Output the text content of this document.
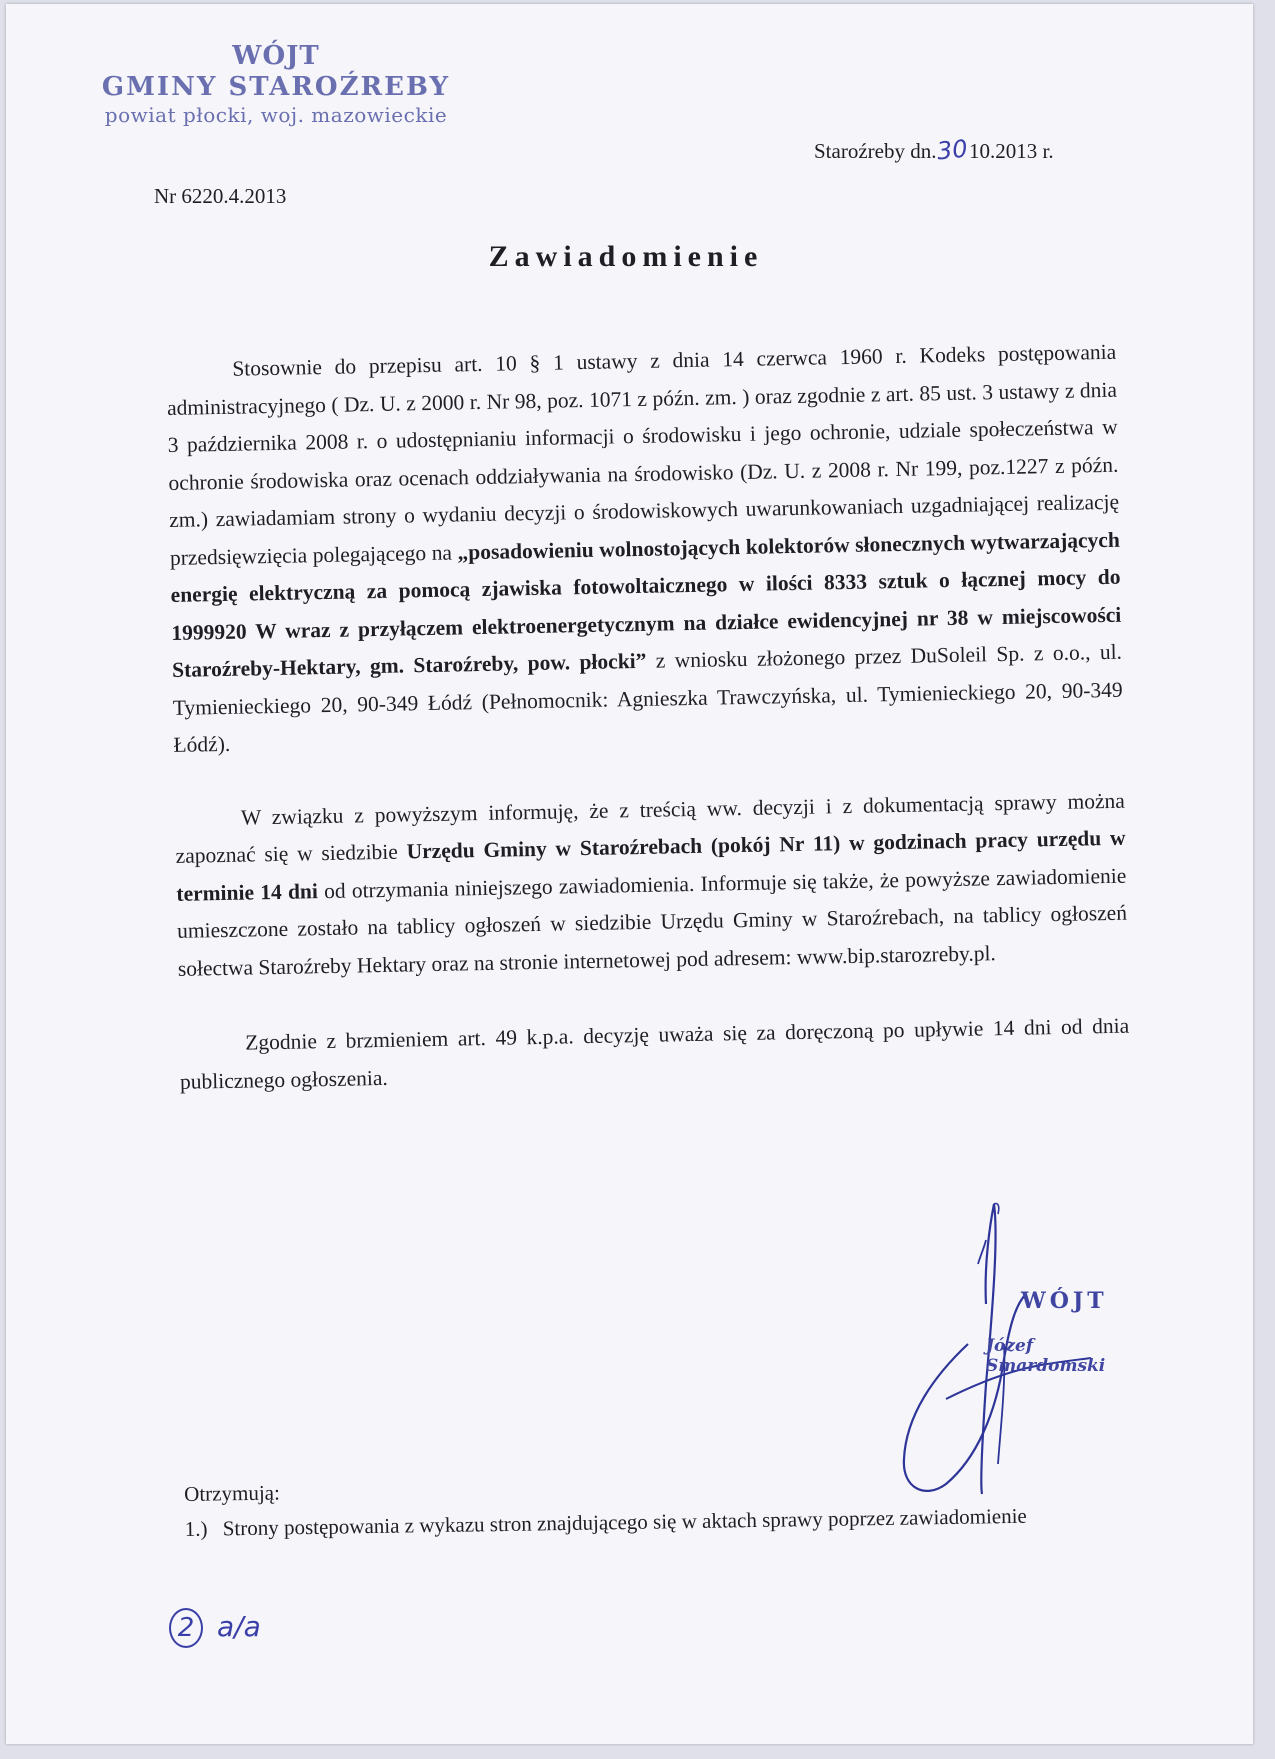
WÓJT
GMINY STAROŹREBY
powiat płocki, woj. mazowieckie
Staroźreby dn.3010.2013 r.
Nr 6220.4.2013
Zawiadomienie

Stosownie do przepisu art. 10 § 1 ustawy z dnia 14 czerwca 1960 r. Kodeks postępowania administracyjnego ( Dz. U. z 2000 r. Nr 98, poz. 1071 z późn. zm. ) oraz zgodnie z art. 85 ust. 3 ustawy z dnia 3 października 2008 r. o udostępnianiu informacji o środowisku i jego ochronie, udziale społeczeństwa w ochronie środowiska oraz ocenach oddziaływania na środowisko (Dz. U. z 2008 r. Nr 199, poz.1227 z późn. zm.) zawiadamiam strony o wydaniu decyzji o środowiskowych uwarunkowaniach uzgadniającej realizację przedsięwzięcia polegającego na „posadowieniu wolnostojących kolektorów słonecznych wytwarzających energię elektryczną za pomocą zjawiska fotowoltaicznego w ilości 8333 sztuk o łącznej mocy do 1999920 W wraz z przyłączem elektroenergetycznym na działce ewidencyjnej nr 38 w miejscowości Staroźreby-Hektary, gm. Staroźreby, pow. płocki” z wniosku złożonego przez DuSoleil Sp. z o.o., ul. Tymienieckiego 20, 90-349 Łódź (Pełnomocnik: Agnieszka Trawczyńska, ul. Tymienieckiego 20, 90-349 Łódź).

W związku z powyższym informuję, że z treścią ww. decyzji i z dokumentacją sprawy można zapoznać się w siedzibie Urzędu Gminy w Staroźrebach (pokój Nr 11) w godzinach pracy urzędu w terminie 14 dni od otrzymania niniejszego zawiadomienia. Informuje się także, że powyższe zawiadomienie umieszczone zostało na tablicy ogłoszeń w siedzibie Urzędu Gminy w Staroźrebach, na tablicy ogłoszeń sołectwa Staroźreby Hektary oraz na stronie internetowej pod adresem: www.bip.starozreby.pl.

Zgodnie z brzmieniem art. 49 k.p.a. decyzję uważa się za doręczoną po upływie 14 dni od dnia publicznego ogłoszenia.

WÓJT
Józef Smardomski
Otrzymują:
1.) Strony postępowania z wykazu stron znajdującego się w aktach sprawy poprzez zawiadomienie
2 a/a
